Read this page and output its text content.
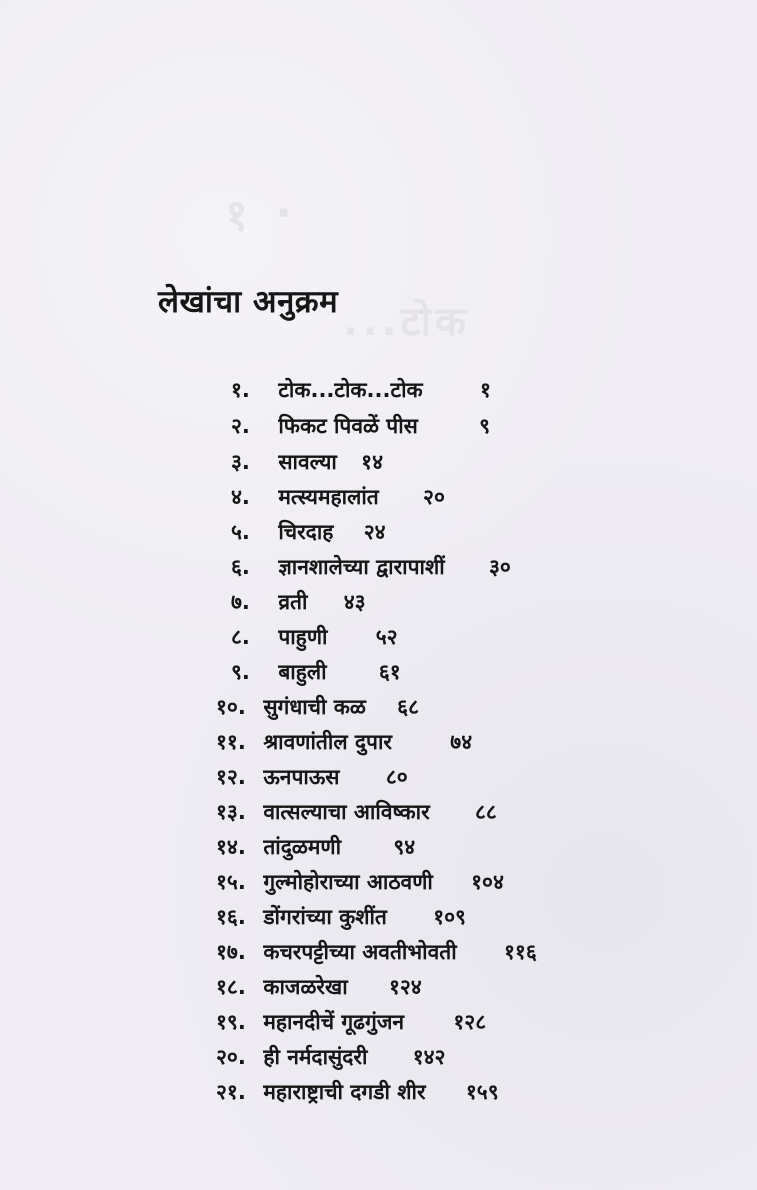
१ ·
...टोक
लेखांचा अनुक्रम
१. टोक...टोक...टोक	१
२. फिकट पिवळें पीस	९
३. सावल्या १४
४. मत्स्यमहालांत २०
५. चिरदाह २४
६. ज्ञानशालेच्या द्वारापाशीं ३०
७. व्रती ४३
८. पाहुणी ५२
९. बाहुली ६१
१०. सुगंधाची कळ ६८
११. श्रावणांतील दुपार	७४
१२. ऊनपाऊस ८०
१३. वात्सल्याचा आविष्कार ८८
१४. तांदुळमणी ९४
१५. गुल्मोहोराच्या आठवणी १०४
१६. डोंगरांच्या कुशींत १०९
१७. कचरपट्टीच्या अवतीभोवती ११६
१८. काजळरेखा १२४
१९. महानदीचें गूढगुंजन १२८
२०. ही नर्मदासुंदरी १४२
२१. महाराष्ट्राची दगडी शीर १५९
